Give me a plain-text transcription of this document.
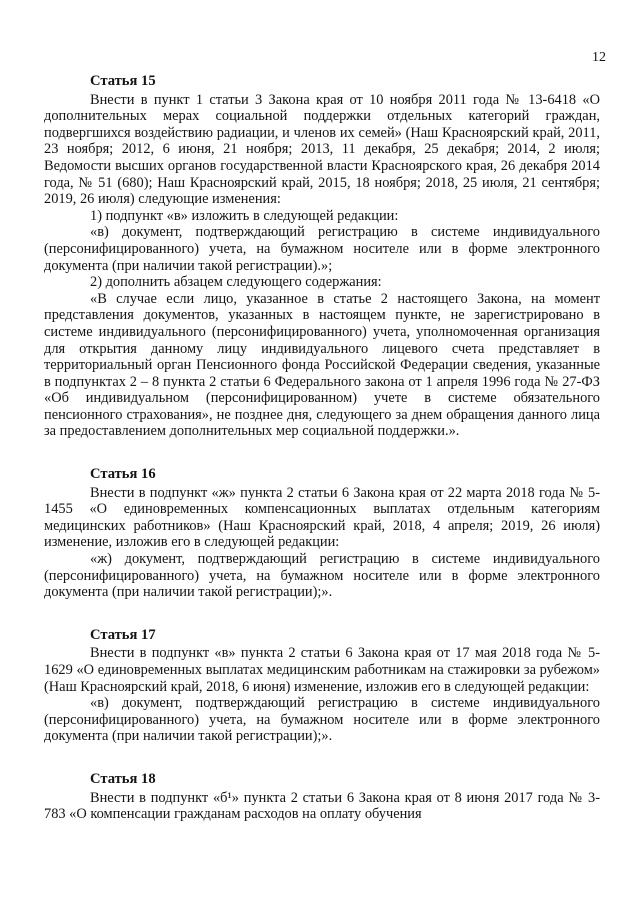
12
Статья 15

Внести в пункт 1 статьи 3 Закона края от 10 ноября 2011 года № 13-6418 «О дополнительных мерах социальной поддержки отдельных категорий граждан, подвергшихся воздействию радиации, и членов их семей» (Наш Красноярский край, 2011, 23 ноября; 2012, 6 июня, 21 ноября; 2013, 11 декабря, 25 декабря; 2014, 2 июля; Ведомости высших органов государственной власти Красноярского края, 26 декабря 2014 года, № 51 (680); Наш Красноярский край, 2015, 18 ноября; 2018, 25 июля, 21 сентября; 2019, 26 июля) следующие изменения:

1) подпункт «в» изложить в следующей редакции:

«в) документ, подтверждающий регистрацию в системе индивидуального (персонифицированного) учета, на бумажном носителе или в форме электронного документа (при наличии такой регистрации).»;

2) дополнить абзацем следующего содержания:

«В случае если лицо, указанное в статье 2 настоящего Закона, на момент представления документов, указанных в настоящем пункте, не зарегистрировано в системе индивидуального (персонифицированного) учета, уполномоченная организация для открытия данному лицу индивидуального лицевого счета представляет в территориальный орган Пенсионного фонда Российской Федерации сведения, указанные в подпунктах 2 – 8 пункта 2 статьи 6 Федерального закона от 1 апреля 1996 года № 27-ФЗ «Об индивидуальном (персонифицированном) учете в системе обязательного пенсионного страхования», не позднее дня, следующего за днем обращения данного лица за предоставлением дополнительных мер социальной поддержки.».

Статья 16

Внести в подпункт «ж» пункта 2 статьи 6 Закона края от 22 марта 2018 года № 5-1455 «О единовременных компенсационных выплатах отдельным категориям медицинских работников» (Наш Красноярский край, 2018, 4 апреля; 2019, 26 июля) изменение, изложив его в следующей редакции:

«ж) документ, подтверждающий регистрацию в системе индивидуального (персонифицированного) учета, на бумажном носителе или в форме электронного документа (при наличии такой регистрации);».

Статья 17

Внести в подпункт «в» пункта 2 статьи 6 Закона края от 17 мая 2018 года № 5-1629 «О единовременных выплатах медицинским работникам на стажировки за рубежом» (Наш Красноярский край, 2018, 6 июня) изменение, изложив его в следующей редакции:

«в) документ, подтверждающий регистрацию в системе индивидуального (персонифицированного) учета, на бумажном носителе или в форме электронного документа (при наличии такой регистрации);».

Статья 18

Внести в подпункт «б¹» пункта 2 статьи 6 Закона края от 8 июня 2017 года № 3-783 «О компенсации гражданам расходов на оплату обучения
